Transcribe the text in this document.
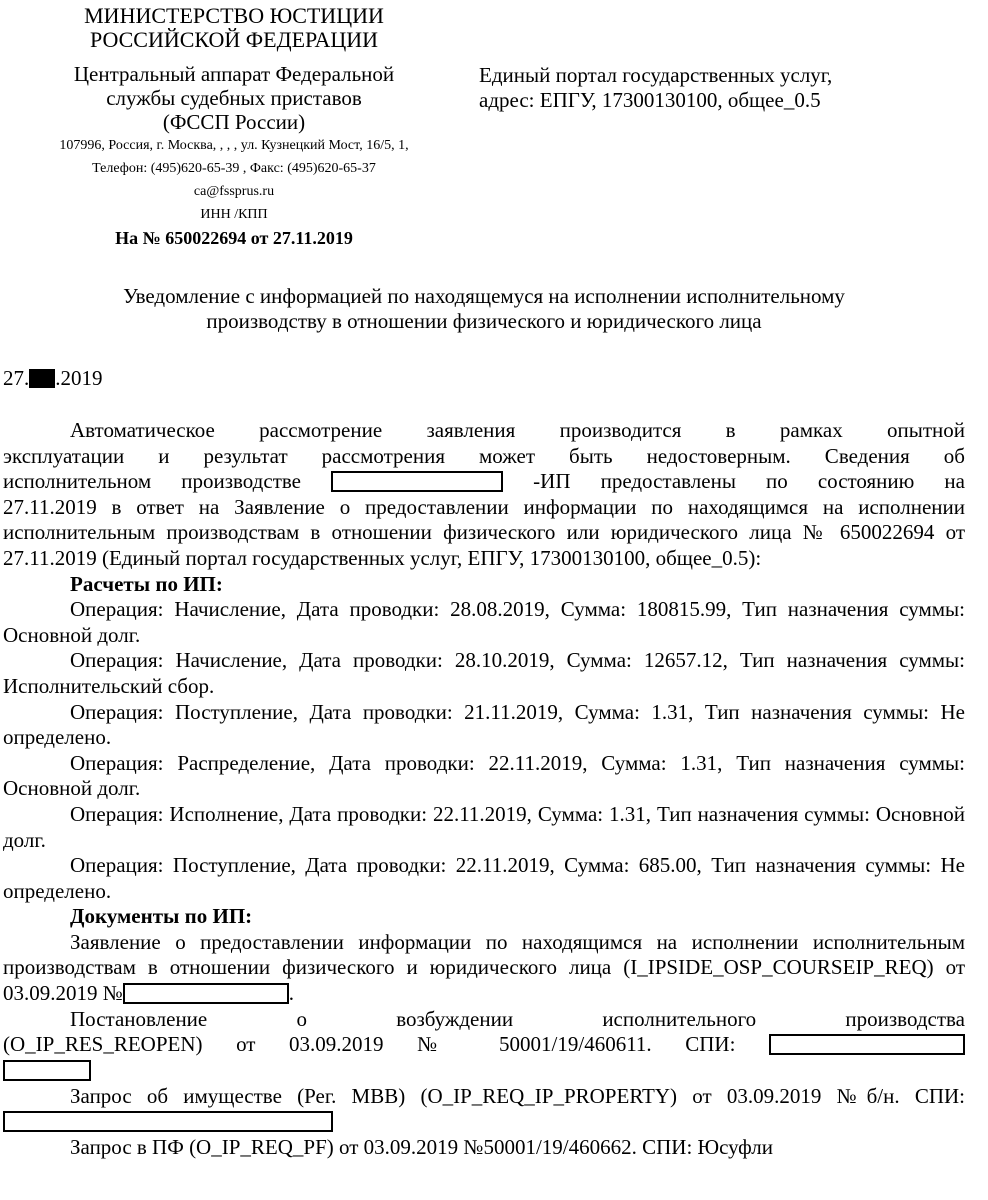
МИНИСТЕРСТВО ЮСТИЦИИ
РОССИЙСКОЙ ФЕДЕРАЦИИ
Центральный аппарат Федеральной
службы судебных приставов
(ФССП России)
107996, Россия, г. Москва, , , , ул. Кузнецкий Мост, 16/5, 1,
Телефон: (495)620-65-39 , Факс: (495)620-65-37
ca@fssprus.ru
ИНН /КПП
На № 650022694 от 27.11.2019
Единый портал государственных услуг,
адрес: ЕПГУ, 17300130100, общее_0.5
Уведомление с информацией по находящемуся на исполнении исполнительному
производству в отношении физического и юридического лица
27. .2019
Автоматическое рассмотрение заявления производится в рамках опытной
эксплуатации и результат рассмотрения может быть недостоверным. Сведения об
исполнительном производстве	-ИП предоставлены по состоянию на
27.11.2019 в ответ на Заявление о предоставлении информации по находящимся на исполнении исполнительным производствам в отношении физического или юридического лица № 650022694 от 27.11.2019 (Единый портал государственных услуг, ЕПГУ, 17300130100, общее_0.5):
Расчеты по ИП:
Операция: Начисление, Дата проводки: 28.08.2019, Сумма: 180815.99, Тип назначения суммы: Основной долг.
Операция: Начисление, Дата проводки: 28.10.2019, Сумма: 12657.12, Тип назначения суммы: Исполнительский сбор.
Операция: Поступление, Дата проводки: 21.11.2019, Сумма: 1.31, Тип назначения суммы: Не определено.
Операция: Распределение, Дата проводки: 22.11.2019, Сумма: 1.31, Тип назначения суммы: Основной долг.
Операция: Исполнение, Дата проводки: 22.11.2019, Сумма: 1.31, Тип назначения суммы: Основной долг.
Операция: Поступление, Дата проводки: 22.11.2019, Сумма: 685.00, Тип назначения суммы: Не определено.
Документы по ИП:
Заявление о предоставлении информации по находящимся на исполнении исполнительным производствам в отношении физического и юридического лица (I_IPSIDE_OSP_COURSEIP_REQ) от 03.09.2019 №	.
Постановление о возбуждении исполнительного производства
(O_IP_RES_REOPEN) от 03.09.2019 № 50001/19/460611. СПИ:
Запрос об имуществе (Рег. МВВ) (O_IP_REQ_IP_PROPERTY) от 03.09.2019 №б/н. СПИ:
Запрос в ПФ (O_IP_REQ_PF) от 03.09.2019 №50001/19/460662. СПИ: Юсуфли
